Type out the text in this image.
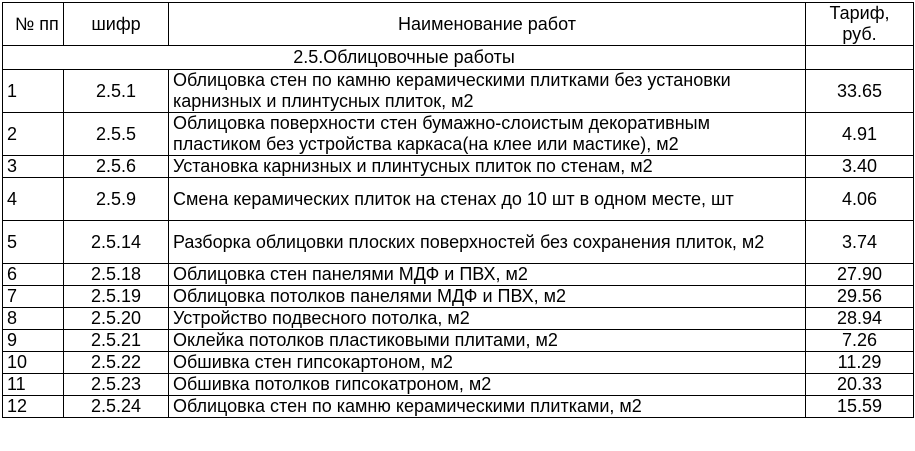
№ пп	шифр	Наименование работ	Тариф, руб.
2.5.Облицовочные работы			
1	2.5.1	Облицовка стен по камню керамическими плитками без установки карнизных и плинтусных плиток, м2	33.65
2	2.5.5	Облицовка поверхности стен бумажно-слоистым декоративным пластиком без устройства каркаса(на клее или мастике), м2	4.91
3	2.5.6	Установка карнизных и плинтусных плиток по стенам, м2	3.40
4	2.5.9	Смена керамических плиток на стенах до 10 шт в одном месте, шт	4.06
5	2.5.14	Разборка облицовки плоских поверхностей без сохранения плиток, м2	3.74
6	2.5.18	Облицовка стен панелями МДФ и ПВХ, м2	27.90
7	2.5.19	Облицовка потолков панелями МДФ и ПВХ, м2	29.56
8	2.5.20	Устройство подвесного потолка, м2	28.94
9	2.5.21	Оклейка потолков пластиковыми плитами, м2	7.26
10	2.5.22	Обшивка стен гипсокартоном, м2	11.29
11	2.5.23	Обшивка потолков гипсокатроном, м2	20.33
12	2.5.24	Облицовка стен по камню керамическими плитками, м2	15.59
